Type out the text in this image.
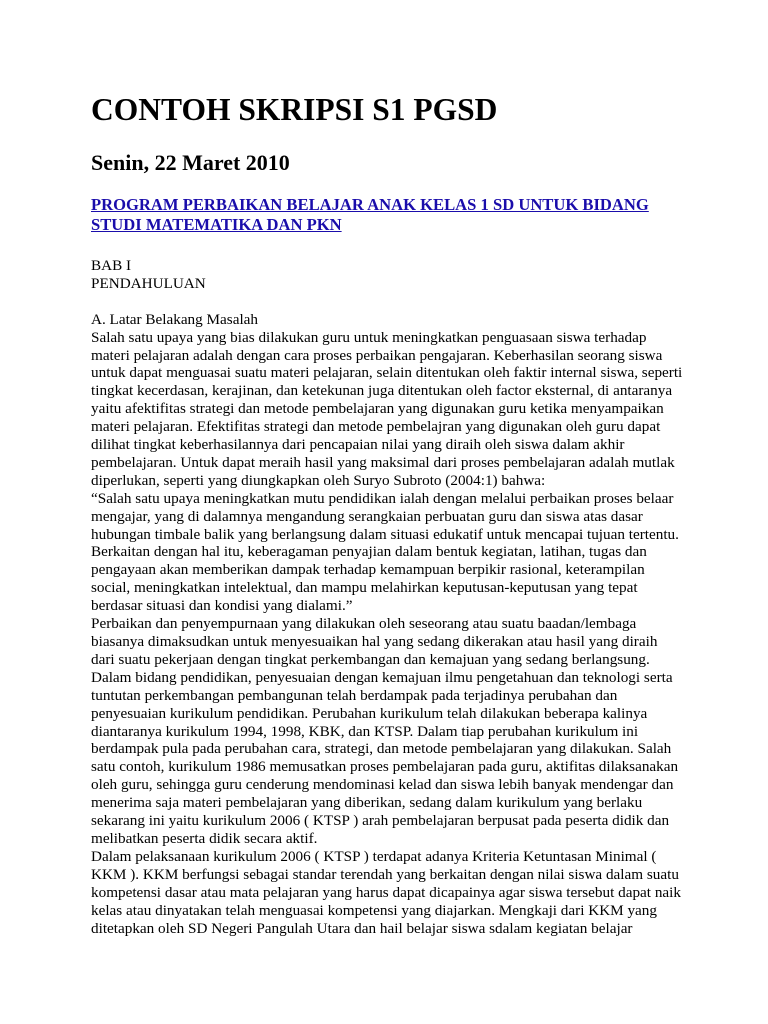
CONTOH SKRIPSI S1 PGSD
Senin, 22 Maret 2010
PROGRAM PERBAIKAN BELAJAR ANAK KELAS 1 SD UNTUK BIDANG
STUDI MATEMATIKA DAN PKN
BAB I
PENDAHULUAN
A. Latar Belakang Masalah
Salah satu upaya yang bias dilakukan guru untuk meningkatkan penguasaan siswa terhadap
materi pelajaran adalah dengan cara proses perbaikan pengajaran. Keberhasilan seorang siswa
untuk dapat menguasai suatu materi pelajaran, selain ditentukan oleh faktir internal siswa, seperti
tingkat kecerdasan, kerajinan, dan ketekunan juga ditentukan oleh factor eksternal, di antaranya
yaitu afektifitas strategi dan metode pembelajaran yang digunakan guru ketika menyampaikan
materi pelajaran. Efektifitas strategi dan metode pembelajran yang digunakan oleh guru dapat
dilihat tingkat keberhasilannya dari pencapaian nilai yang diraih oleh siswa dalam akhir
pembelajaran. Untuk dapat meraih hasil yang maksimal dari proses pembelajaran adalah mutlak
diperlukan, seperti yang diungkapkan oleh Suryo Subroto (2004:1) bahwa:
“Salah satu upaya meningkatkan mutu pendidikan ialah dengan melalui perbaikan proses belaar
mengajar, yang di dalamnya mengandung serangkaian perbuatan guru dan siswa atas dasar
hubungan timbale balik yang berlangsung dalam situasi edukatif untuk mencapai tujuan tertentu.
Berkaitan dengan hal itu, keberagaman penyajian dalam bentuk kegiatan, latihan, tugas dan
pengayaan akan memberikan dampak terhadap kemampuan berpikir rasional, keterampilan
social, meningkatkan intelektual, dan mampu melahirkan keputusan-keputusan yang tepat
berdasar situasi dan kondisi yang dialami.”
Perbaikan dan penyempurnaan yang dilakukan oleh seseorang atau suatu baadan/lembaga
biasanya dimaksudkan untuk menyesuaikan hal yang sedang dikerakan atau hasil yang diraih
dari suatu pekerjaan dengan tingkat perkembangan dan kemajuan yang sedang berlangsung.
Dalam bidang pendidikan, penyesuaian dengan kemajuan ilmu pengetahuan dan teknologi serta
tuntutan perkembangan pembangunan telah berdampak pada terjadinya perubahan dan
penyesuaian kurikulum pendidikan. Perubahan kurikulum telah dilakukan beberapa kalinya
diantaranya kurikulum 1994, 1998, KBK, dan KTSP. Dalam tiap perubahan kurikulum ini
berdampak pula pada perubahan cara, strategi, dan metode pembelajaran yang dilakukan. Salah
satu contoh, kurikulum 1986 memusatkan proses pembelajaran pada guru, aktifitas dilaksanakan
oleh guru, sehingga guru cenderung mendominasi kelad dan siswa lebih banyak mendengar dan
menerima saja materi pembelajaran yang diberikan, sedang dalam kurikulum yang berlaku
sekarang ini yaitu kurikulum 2006 ( KTSP ) arah pembelajaran berpusat pada peserta didik dan
melibatkan peserta didik secara aktif.
Dalam pelaksanaan kurikulum 2006 ( KTSP ) terdapat adanya Kriteria Ketuntasan Minimal (
KKM ). KKM berfungsi sebagai standar terendah yang berkaitan dengan nilai siswa dalam suatu
kompetensi dasar atau mata pelajaran yang harus dapat dicapainya agar siswa tersebut dapat naik
kelas atau dinyatakan telah menguasai kompetensi yang diajarkan. Mengkaji dari KKM yang
ditetapkan oleh SD Negeri Pangulah Utara dan hail belajar siswa sdalam kegiatan belajar
